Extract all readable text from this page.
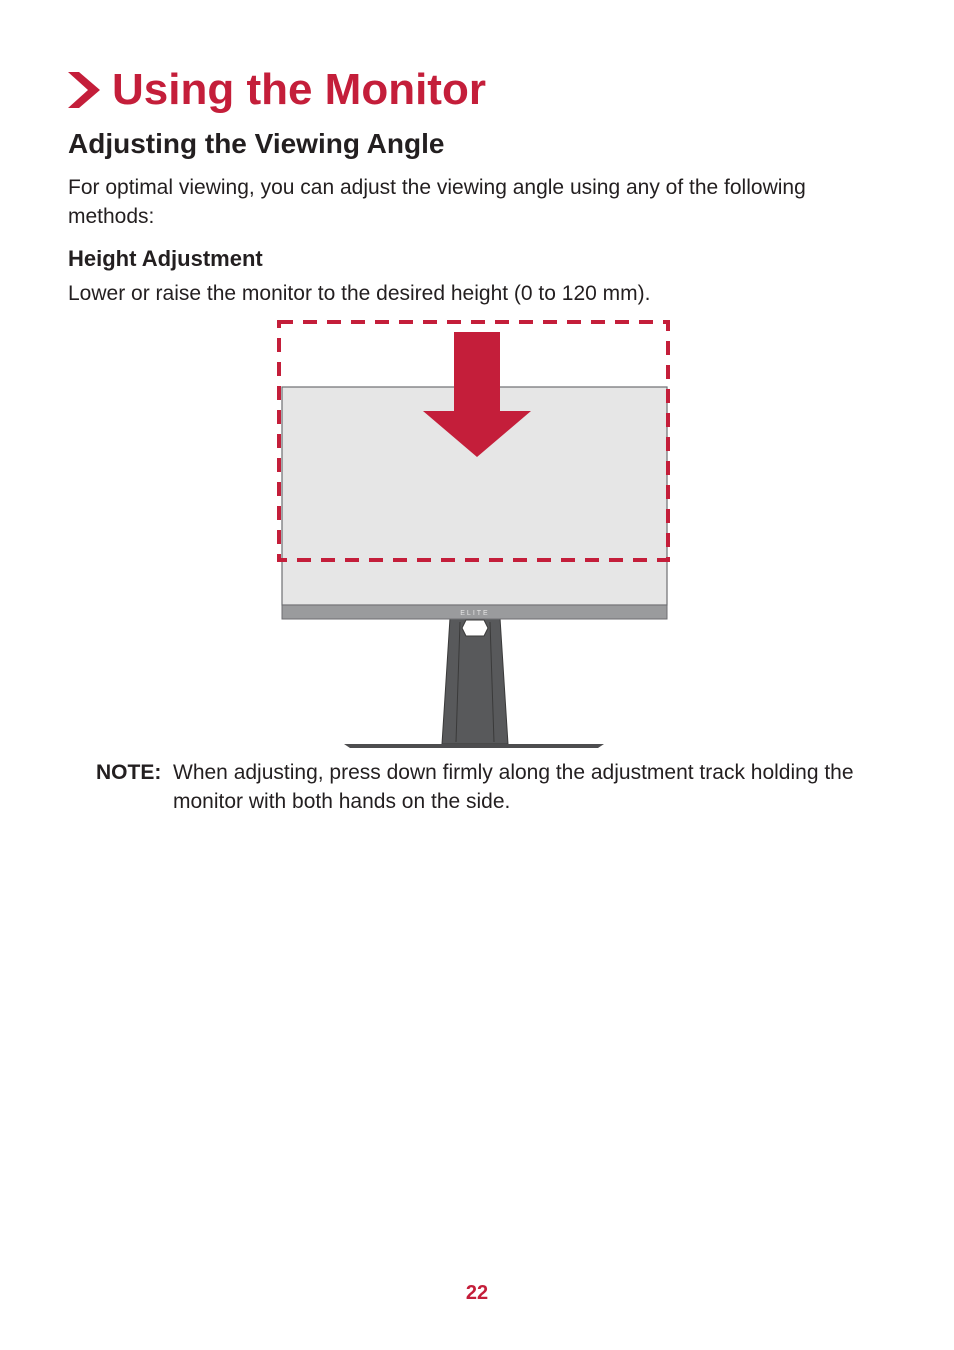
Using the Monitor
Adjusting the Viewing Angle
For optimal viewing, you can adjust the viewing angle using any of the following methods:
Height Adjustment
Lower or raise the monitor to the desired height (0 to 120 mm).
ELITE
NOTE: When adjusting, press down firmly along the adjustment track holding the monitor with both hands on the side.
22
